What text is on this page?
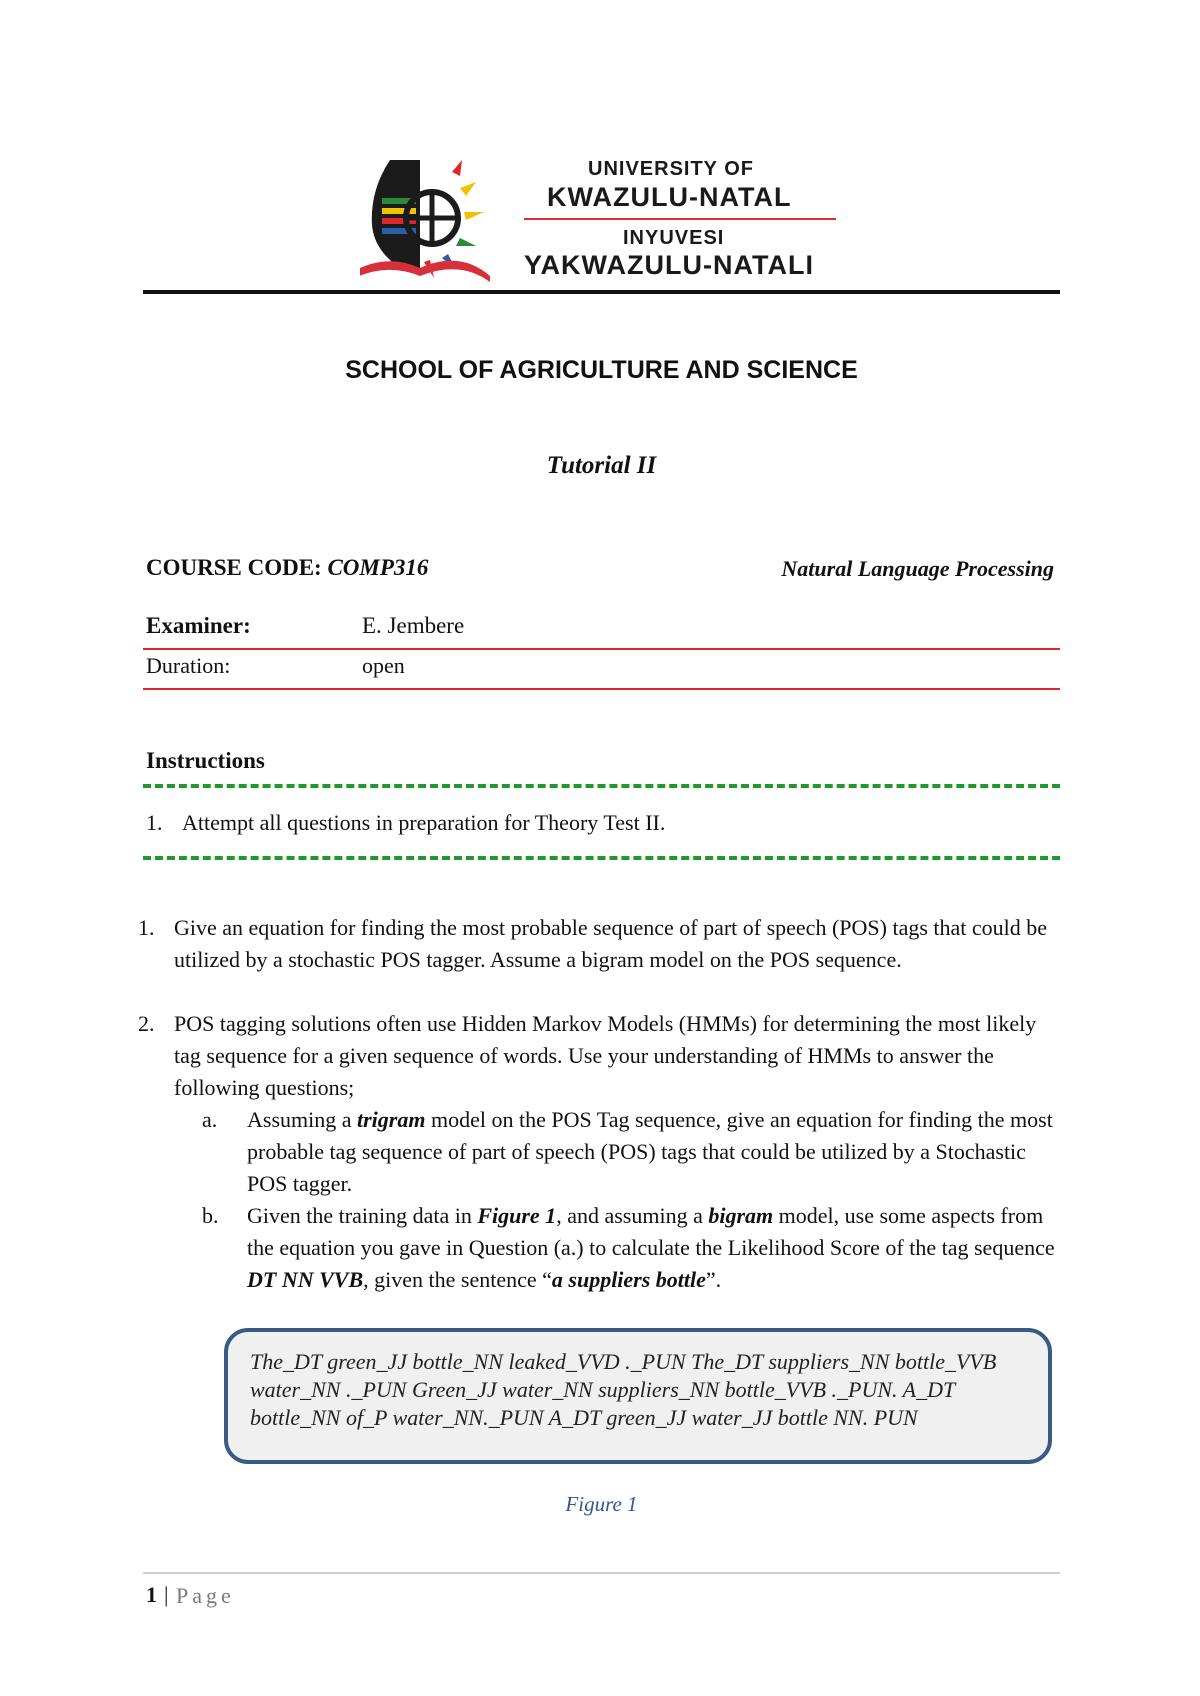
UNIVERSITY OF
KWAZULU-NATAL
INYUVESI
YAKWAZULU-NATALI
SCHOOL OF AGRICULTURE AND SCIENCE
Tutorial II
COURSE CODE: COMP316	Natural Language Processing
Examiner:	E. Jembere
Duration:	open
Instructions
1. Attempt all questions in preparation for Theory Test II.
1. Give an equation for finding the most probable sequence of part of speech (POS) tags that could be utilized by a stochastic POS tagger. Assume a bigram model on the POS sequence.
2. POS tagging solutions often use Hidden Markov Models (HMMs) for determining the most likely tag sequence for a given sequence of words. Use your understanding of HMMs to answer the following questions;
a. Assuming a trigram model on the POS Tag sequence, give an equation for finding the most probable tag sequence of part of speech (POS) tags that could be utilized by a Stochastic POS tagger.
b. Given the training data in Figure 1, and assuming a bigram model, use some aspects from the equation you gave in Question (a.) to calculate the Likelihood Score of the tag sequence DT NN VVB, given the sentence “a suppliers bottle”.
The_DT green_JJ bottle_NN leaked_VVD ._PUN The_DT suppliers_NN bottle_VVB water_NN ._PUN Green_JJ water_NN suppliers_NN bottle_VVB ._PUN. A_DT bottle_NN of_P water_NN._PUN A_DT green_JJ water_JJ bottle NN. PUN
Figure 1
1 | Page
